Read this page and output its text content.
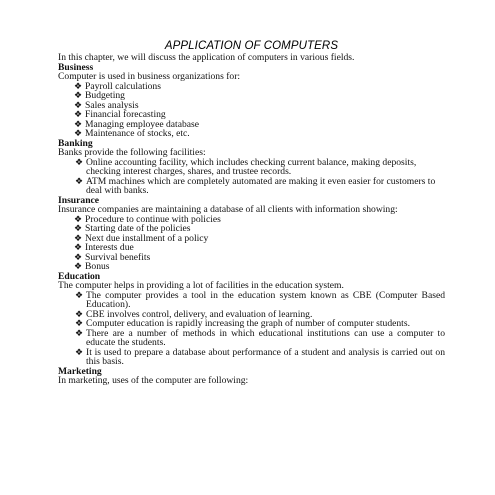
APPLICATION OF COMPUTERS

In this chapter, we will discuss the application of computers in various fields.

Business

Computer is used in business organizations for:

❖ Payroll calculations
❖ Budgeting
❖ Sales analysis
❖ Financial forecasting
❖ Managing employee database
❖ Maintenance of stocks, etc.

Banking

Banks provide the following facilities:

❖ Online accounting facility, which includes checking current balance, making deposits, checking interest charges, shares, and trustee records.
❖ ATM machines which are completely automated are making it even easier for customers to deal with banks.

Insurance

Insurance companies are maintaining a database of all clients with information showing:

❖ Procedure to continue with policies
❖ Starting date of the policies
❖ Next due installment of a policy
❖ Interests due
❖ Survival benefits
❖ Bonus

Education

The computer helps in providing a lot of facilities in the education system.

❖ The computer provides a tool in the education system known as CBE (Computer Based Education).
❖ CBE involves control, delivery, and evaluation of learning.
❖ Computer education is rapidly increasing the graph of number of computer students.
❖ There are a number of methods in which educational institutions can use a computer to educate the students.
❖ It is used to prepare a database about performance of a student and analysis is carried out on this basis.

Marketing

In marketing, uses of the computer are following:
